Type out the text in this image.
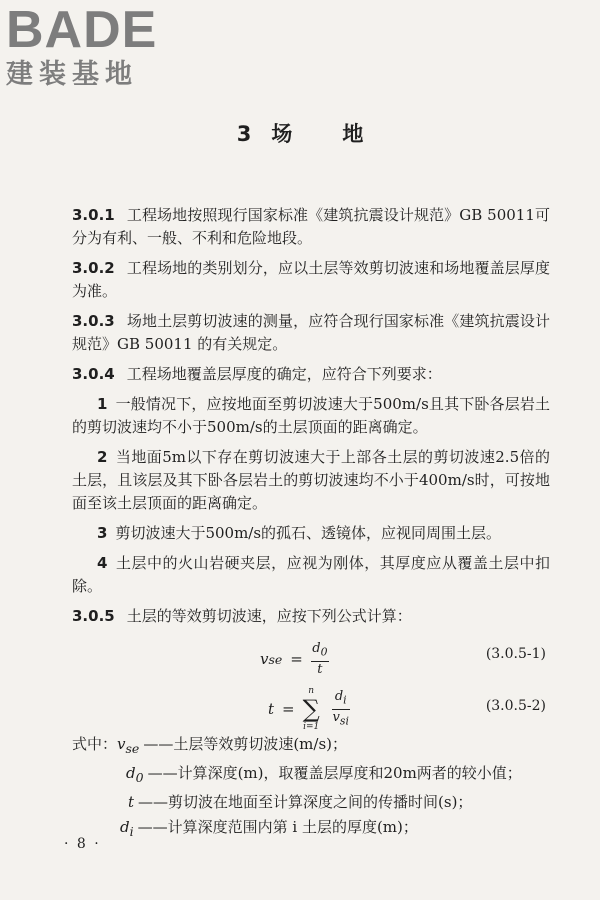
BADE
建装基地
3 场 地

3.0.1 工程场地按照现行国家标准《建筑抗震设计规范》GB 50011可分为有利、一般、不利和危险地段。

3.0.2 工程场地的类别划分，应以土层等效剪切波速和场地覆盖层厚度为准。

3.0.3 场地土层剪切波速的测量，应符合现行国家标准《建筑抗震设计规范》GB 50011 的有关规定。

3.0.4 工程场地覆盖层厚度的确定，应符合下列要求：

1 一般情况下，应按地面至剪切波速大于500m/s且其下卧各层岩土的剪切波速均不小于500m/s的土层顶面的距离确定。

2 当地面5m以下存在剪切波速大于上部各土层的剪切波速2.5倍的土层，且该层及其下卧各层岩土的剪切波速均不小于400m/s时，可按地面至该土层顶面的距离确定。

3 剪切波速大于500m/s的孤石、透镜体，应视同周围土层。

4 土层中的火山岩硬夹层，应视为刚体，其厚度应从覆盖土层中扣除。

3.0.5 土层的等效剪切波速，应按下列公式计算：

v se = $\frac{d_0}{t}$	(3.0.5-1)
t =
n
∑
$i=1 \frac{d_i}{v_{si}}$	(3.0.5-2)
式中：$v_{se}$ ——土层等效剪切波速(m/s)；
$d_0$ ——计算深度(m)，取覆盖层厚度和20m两者的较小值；
t ——剪切波在地面至计算深度之间的传播时间(s)；
$d_i$ ——计算深度范围内第 i 土层的厚度(m)；
· 8 ·
